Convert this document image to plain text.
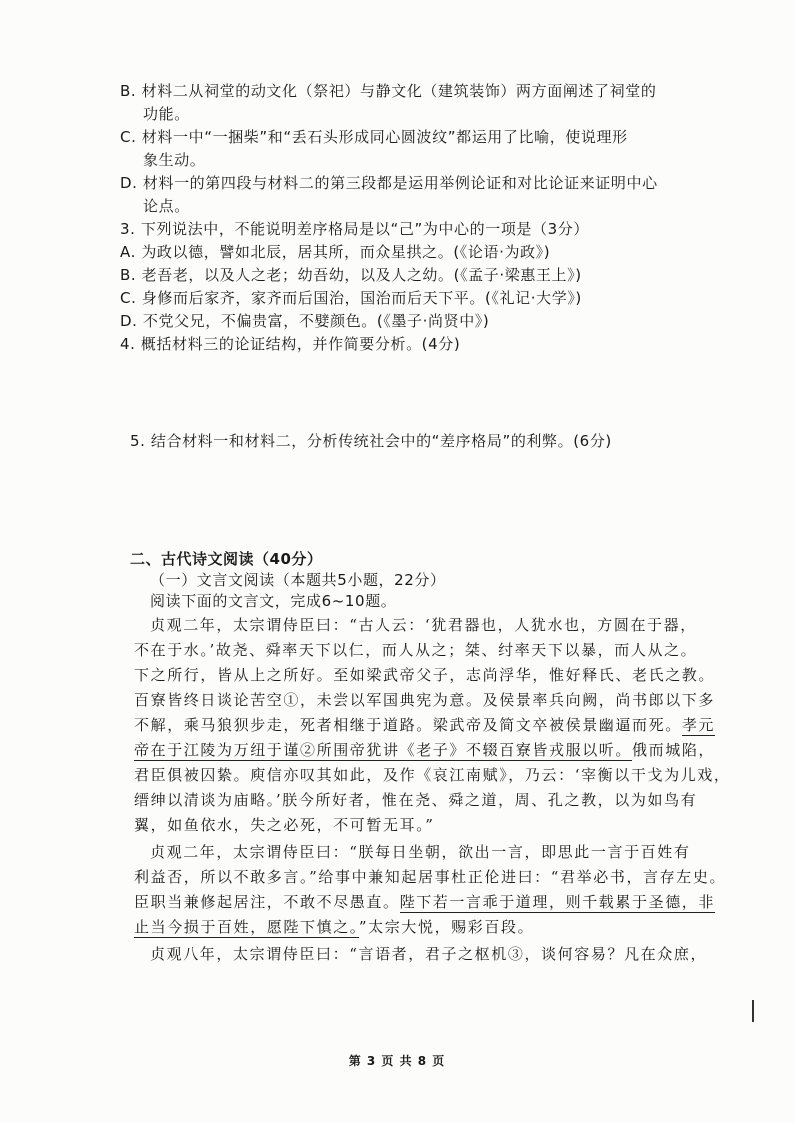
B. 材料二从祠堂的动文化（祭祀）与静文化（建筑装饰）两方面阐述了祠堂的
功能。
C. 材料一中“一捆柴”和“丢石头形成同心圆波纹”都运用了比喻，使说理形
象生动。
D. 材料一的第四段与材料二的第三段都是运用举例论证和对比论证来证明中心
论点。
3. 下列说法中，不能说明差序格局是以“己”为中心的一项是（3分）
A. 为政以德，譬如北辰，居其所，而众星拱之。(《论语·为政》)
B. 老吾老，以及人之老；幼吾幼，以及人之幼。(《孟子·梁惠王上》)
C. 身修而后家齐，家齐而后国治，国治而后天下平。(《礼记·大学》)
D. 不党父兄，不偏贵富，不嬖颜色。(《墨子·尚贤中》)
4. 概括材料三的论证结构，并作简要分析。(4分)
5. 结合材料一和材料二，分析传统社会中的“差序格局”的利弊。(6分)
二、古代诗文阅读（40分）
（一）文言文阅读（本题共5小题，22分）
阅读下面的文言文，完成6~10题。
贞观二年，太宗谓侍臣曰：“古人云：‘犹君器也，人犹水也，方圆在于器，
不在于水。’故尧、舜率天下以仁，而人从之；桀、纣率天下以暴，而人从之。
下之所行，皆从上之所好。至如梁武帝父子，志尚浮华，惟好释氏、老氏之教。
百寮皆终日谈论苦空①，未尝以军国典宪为意。及侯景率兵向阙，尚书郎以下多
不解，乘马狼狈步走，死者相继于道路。梁武帝及简文卒被侯景幽逼而死。孝元
帝在于江陵为万纽于谨②所围帝犹讲《老子》不辍百寮皆戎服以听。俄而城陷，
君臣俱被囚絷。庾信亦叹其如此，及作《哀江南赋》，乃云：‘宰衡以干戈为儿戏，
缙绅以清谈为庙略。’朕今所好者，惟在尧、舜之道，周、孔之教，以为如鸟有
翼，如鱼依水，失之必死，不可暂无耳。”
贞观二年，太宗谓侍臣曰：“朕每日坐朝，欲出一言，即思此一言于百姓有
利益否，所以不敢多言。”给事中兼知起居事杜正伦进曰：“君举必书，言存左史。
臣职当兼修起居注，不敢不尽愚直。陛下若一言乖于道理，则千载累于圣德，非
止当今损于百姓，愿陛下慎之。”太宗大悦，赐彩百段。
贞观八年，太宗谓侍臣曰：“言语者，君子之枢机③，谈何容易？凡在众庶，
第 3 页 共 8 页
